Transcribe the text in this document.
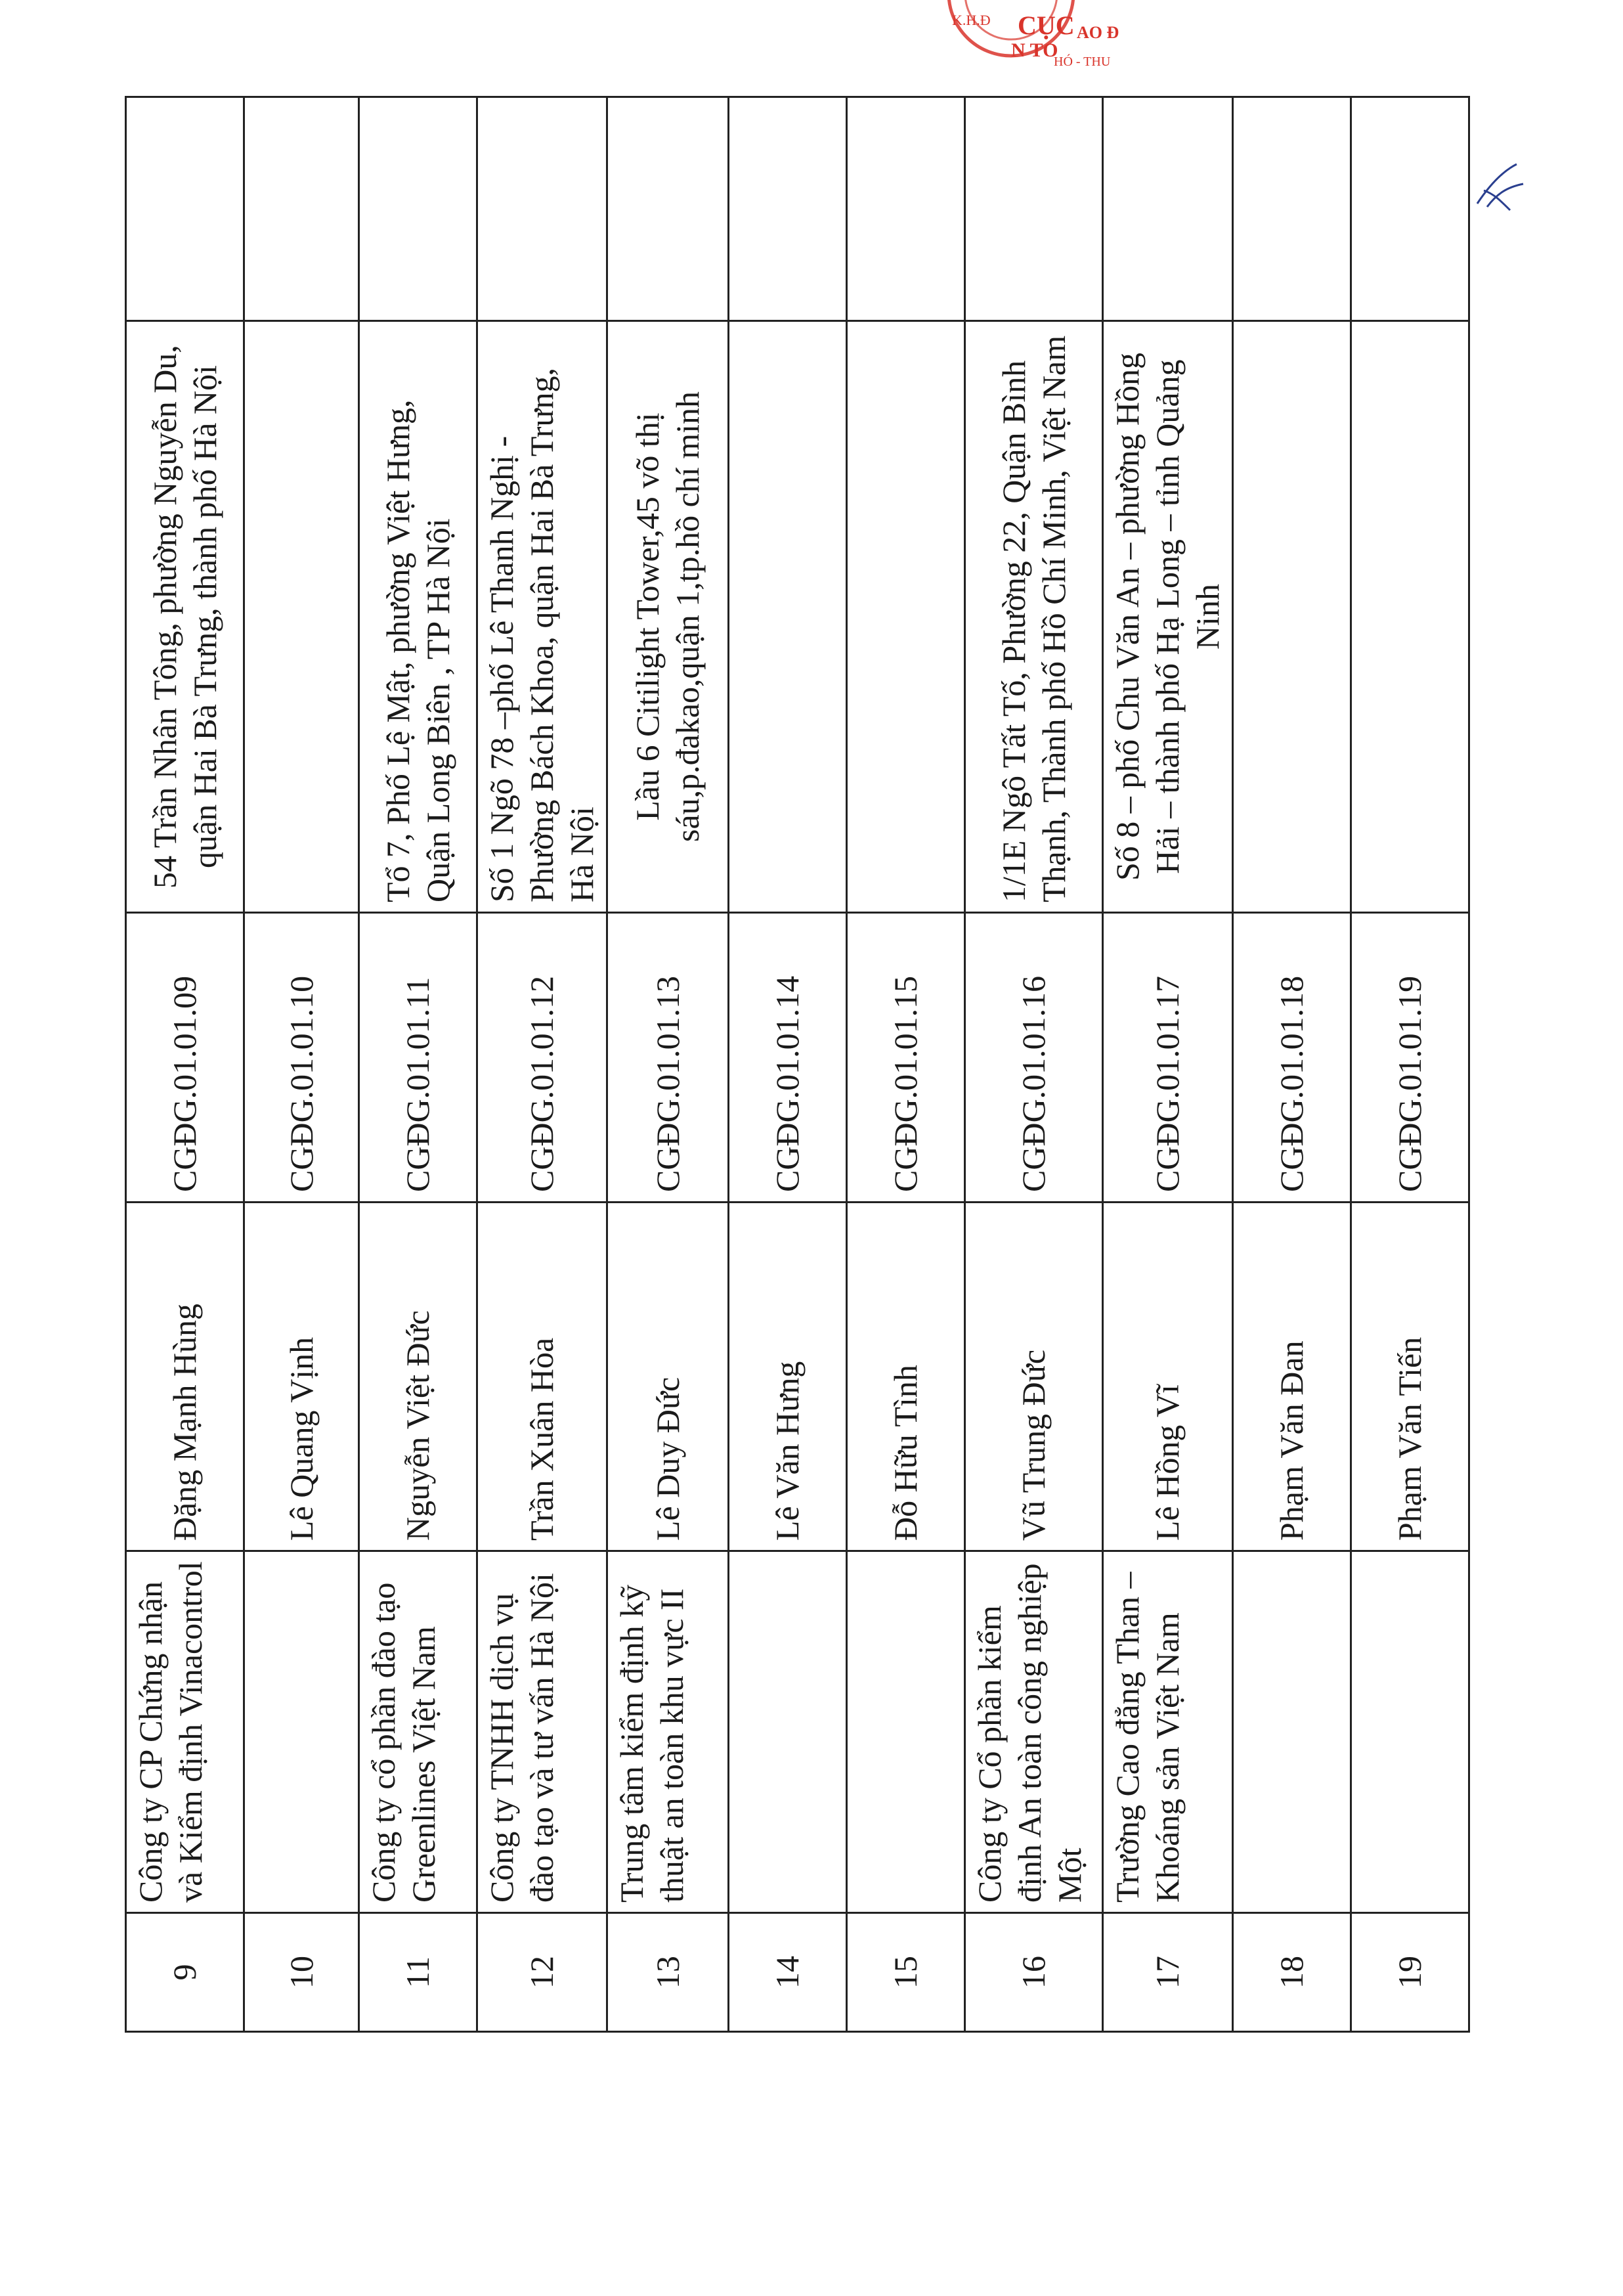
K.H.Đ CỤC
N TO
AO Đ
HÓ - THU
9	Công ty CP Chứng nhận và Kiểm định Vinacontrol	Đặng Mạnh Hùng	CGĐG.01.01.09	54 Trần Nhân Tông, phường Nguyễn Du, quận Hai Bà Trưng, thành phố Hà Nội	
10		Lê Quang Vịnh	CGĐG.01.01.10		
11	Công ty cổ phần đào tạo Greenlines Việt Nam	Nguyễn Việt Đức	CGĐG.01.01.11	Tổ 7, Phố Lệ Mật, phường Việt Hưng, Quận Long Biên , TP Hà Nội	
12	Công ty TNHH dịch vụ đào tạo và tư vấn Hà Nội	Trần Xuân Hòa	CGĐG.01.01.12	Số 1 Ngõ 78 –phố Lê Thanh Nghị - Phường Bách Khoa, quận Hai Bà Trưng, Hà Nội	
13	Trung tâm kiểm định kỹ thuật an toàn khu vực II	Lê Duy Đức	CGĐG.01.01.13	Lầu 6 Citilight Tower,45 võ thị sáu,p.đakao,quận 1,tp.hồ chí minh	
14		Lê Văn Hưng	CGĐG.01.01.14		
15		Đỗ Hữu Tình	CGĐG.01.01.15		
16	Công ty Cổ phần kiểm định An toàn công nghiệp Một	Vũ Trung Đức	CGĐG.01.01.16	1/1E Ngô Tất Tố, Phường 22, Quận Bình Thạnh, Thành phố Hồ Chí Minh, Việt Nam	
17	Trường Cao đẳng Than – Khoáng sản Việt Nam	Lê Hồng Vĩ	CGĐG.01.01.17	Số 8 – phố Chu Văn An – phường Hồng Hải – thành phố Hạ Long – tỉnh Quảng Ninh	
18		Phạm Văn Đan	CGĐG.01.01.18		
19		Phạm Văn Tiến	CGĐG.01.01.19		
